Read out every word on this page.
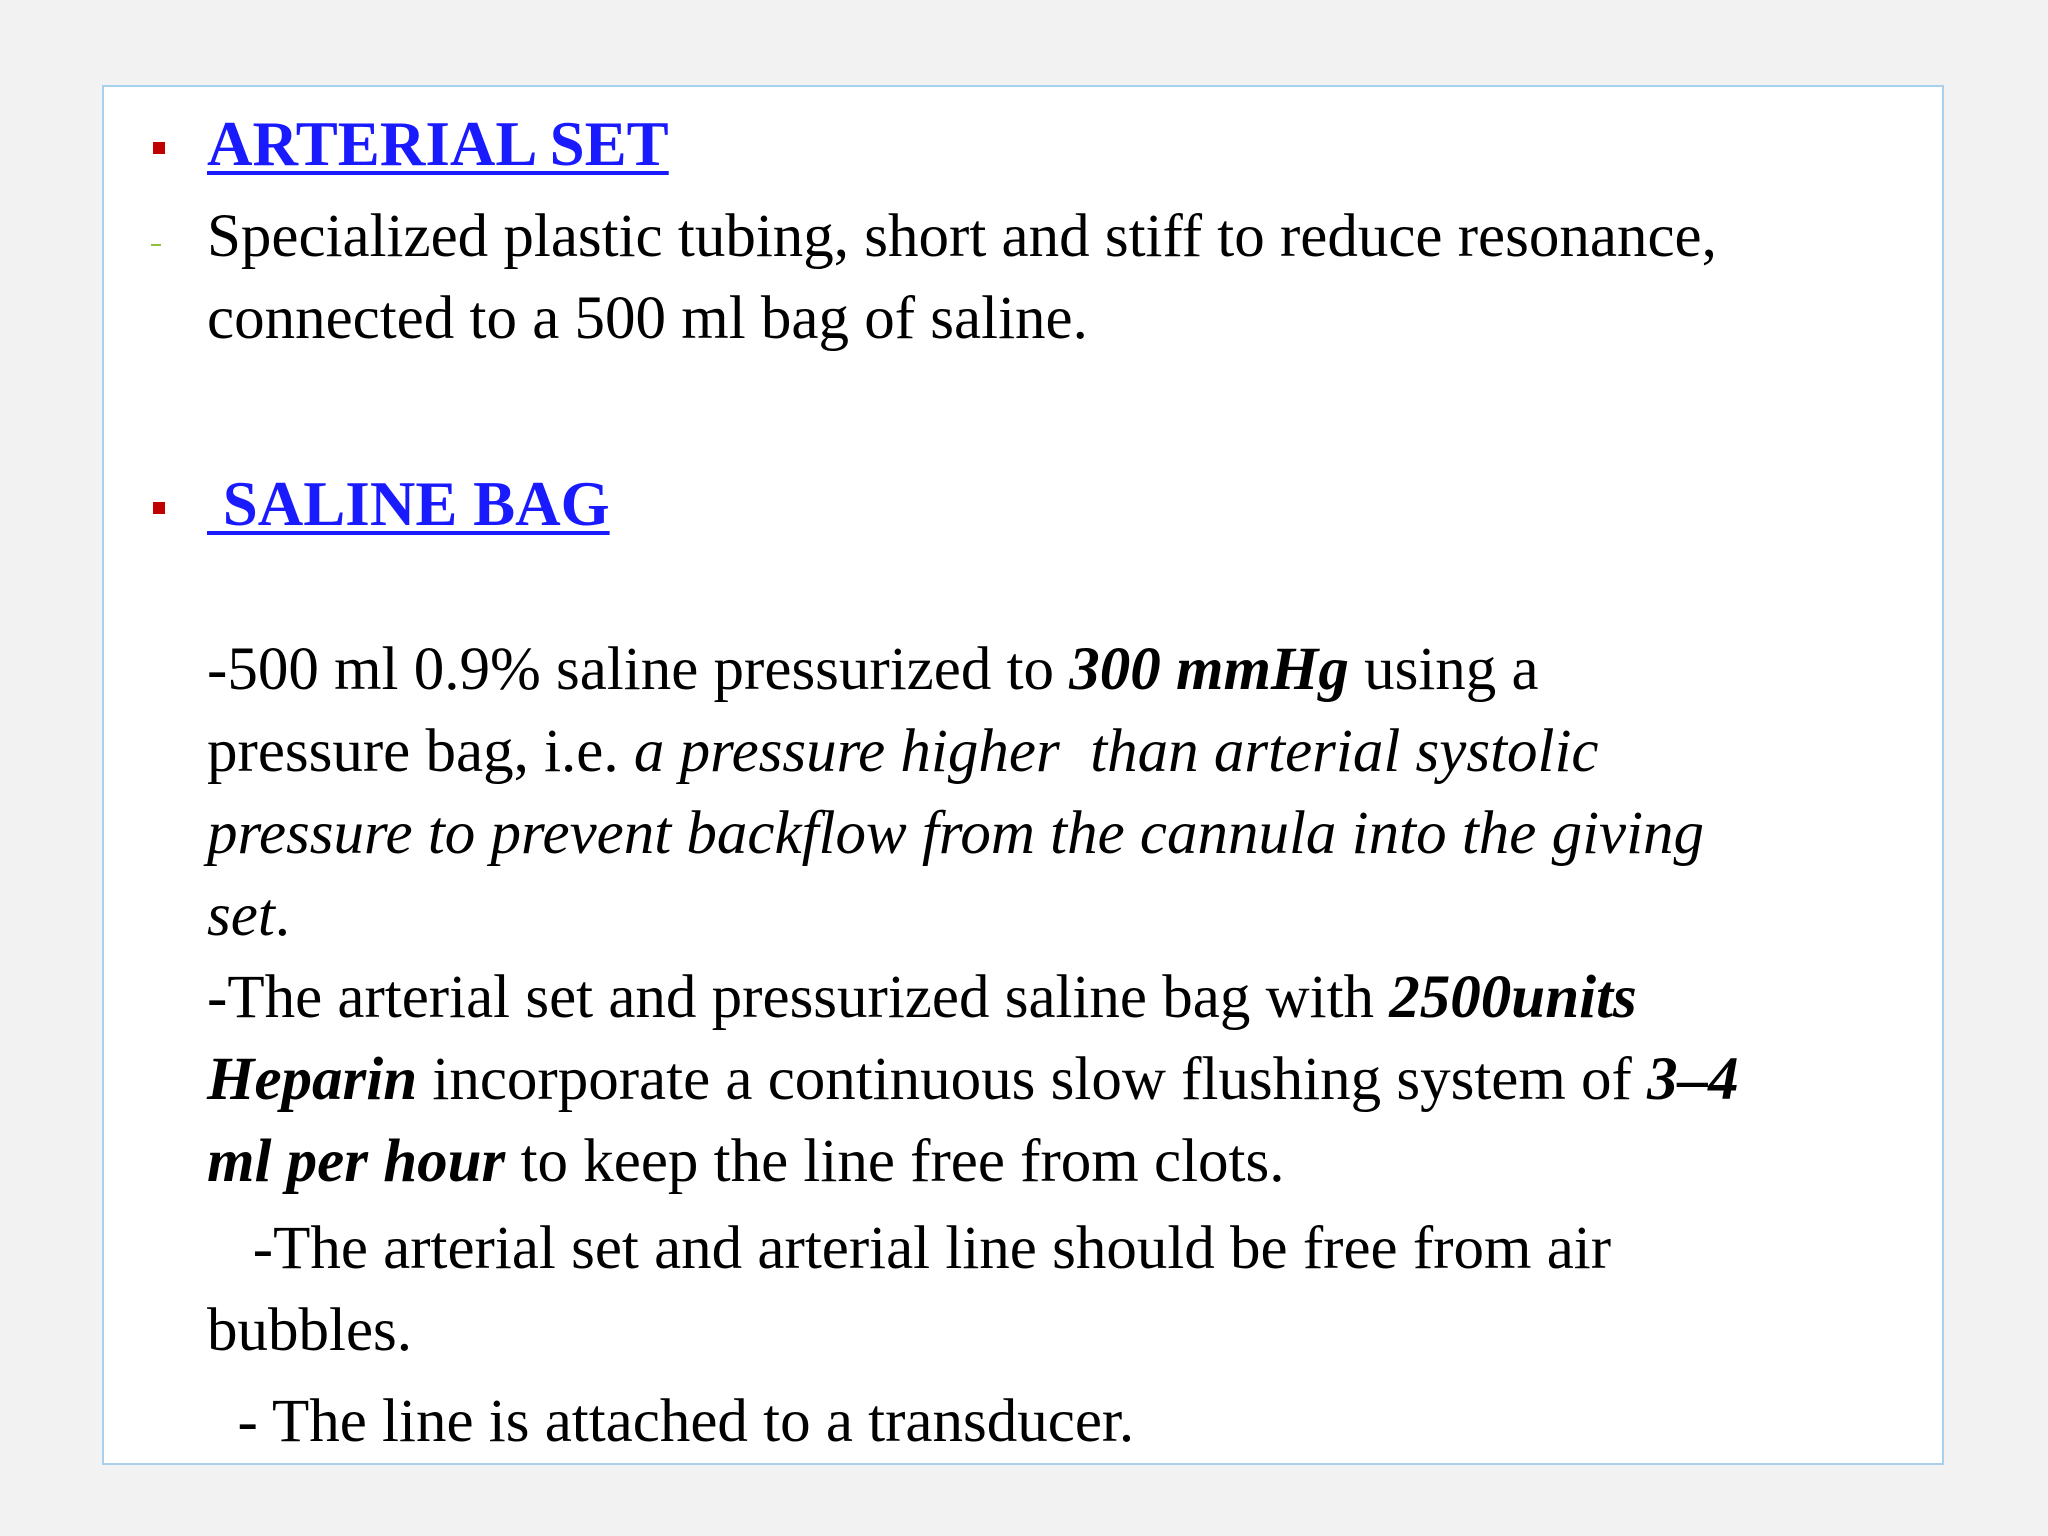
ARTERIAL SET
Specialized plastic tubing, short and stiff to reduce resonance,
connected to a 500 ml bag of saline.
SALINE BAG
-500 ml 0.9% saline pressurized to 300 mmHg using a
pressure bag, i.e. a pressure higher  than arterial systolic
pressure to prevent backflow from the cannula into the giving
set.
-The arterial set and pressurized saline bag with 2500units
Heparin incorporate a continuous slow flushing system of 3–4
ml per hour to keep the line free from clots.
-The arterial set and arterial line should be free from air
bubbles.
- The line is attached to a transducer.
